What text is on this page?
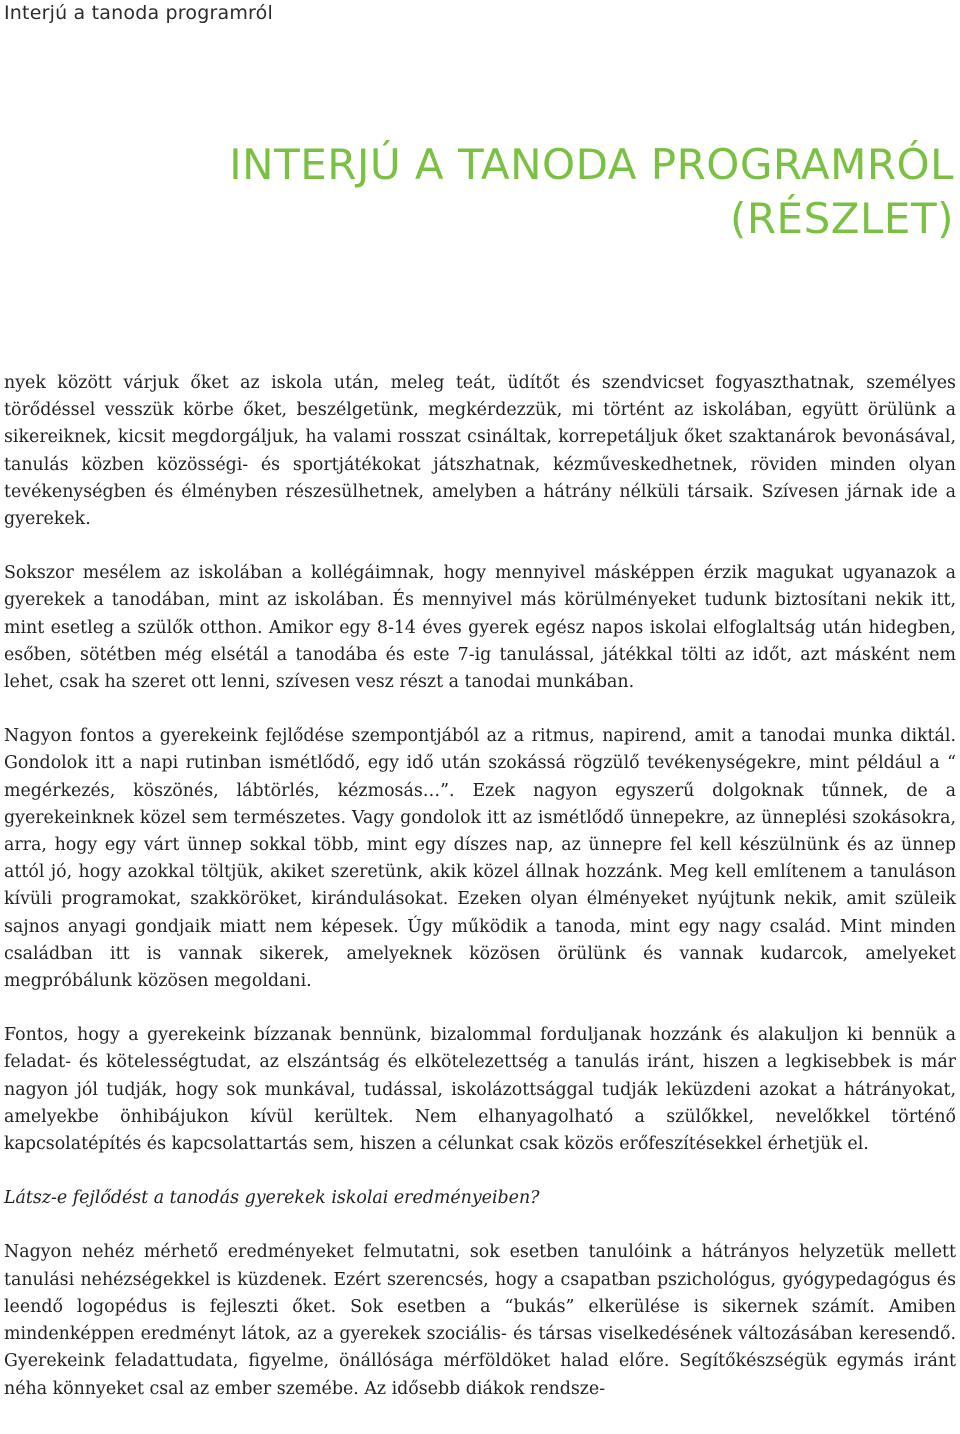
Interjú a tanoda programról
INTERJÚ A TANODA PROGRAMRÓL
(RÉSZLET)

nyek között várjuk őket az iskola után, meleg teát, üdítőt és szendvicset fogyaszthatnak, személyes törődéssel vesszük körbe őket, beszélgetünk, megkérdezzük, mi történt az iskolában, együtt örülünk a sikereiknek, kicsit megdorgáljuk, ha valami rosszat csináltak, korrepetáljuk őket szaktanárok bevonásával, tanulás közben közösségi- és sportjátékokat játszhatnak, kézműveskedhetnek, röviden minden olyan tevékenységben és élményben részesülhetnek, amelyben a hátrány nélküli társaik. Szívesen járnak ide a gyerekek.

Sokszor mesélem az iskolában a kollégáimnak, hogy mennyivel másképpen érzik magukat ugyanazok a gyerekek a tanodában, mint az iskolában. És mennyivel más körülményeket tudunk biztosítani nekik itt, mint esetleg a szülők otthon. Amikor egy 8-14 éves gyerek egész napos iskolai elfoglaltság után hidegben, esőben, sötétben még elsétál a tanodába és este 7-ig tanulással, játékkal tölti az időt, azt másként nem lehet, csak ha szeret ott lenni, szívesen vesz részt a tanodai munkában.

Nagyon fontos a gyerekeink fejlődése szempontjából az a ritmus, napirend, amit a tanodai munka diktál. Gondolok itt a napi rutinban ismétlődő, egy idő után szokássá rögzülő tevékenységekre, mint például a “ megérkezés, köszönés, lábtörlés, kézmosás…”. Ezek nagyon egyszerű dolgoknak tűnnek, de a gyerekeinknek közel sem természetes. Vagy gondolok itt az ismétlődő ünnepekre, az ünneplési szokásokra, arra, hogy egy várt ünnep sokkal több, mint egy díszes nap, az ünnepre fel kell készülnünk és az ünnep attól jó, hogy azokkal töltjük, akiket szeretünk, akik közel állnak hozzánk. Meg kell említenem a tanuláson kívüli programokat, szakköröket, kirándulásokat. Ezeken olyan élményeket nyújtunk nekik, amit szüleik sajnos anyagi gondjaik miatt nem képesek. Úgy működik a tanoda, mint egy nagy család. Mint minden családban itt is vannak sikerek, amelyeknek közösen örülünk és vannak kudarcok, amelyeket megpróbálunk közösen megoldani.

Fontos, hogy a gyerekeink bízzanak bennünk, bizalommal forduljanak hozzánk és alakuljon ki bennük a feladat- és kötelességtudat, az elszántság és elkötelezettség a tanulás iránt, hiszen a legkisebbek is már nagyon jól tudják, hogy sok munkával, tudással, iskolázottsággal tudják leküzdeni azokat a hátrányokat, amelyekbe önhibájukon kívül kerültek. Nem elhanyagolható a szülőkkel, nevelőkkel történő kapcsolatépítés és kapcsolattartás sem, hiszen a célunkat csak közös erőfeszítésekkel érhetjük el.

Látsz-e fejlődést a tanodás gyerekek iskolai eredményeiben?

Nagyon nehéz mérhető eredményeket felmutatni, sok esetben tanulóink a hátrányos helyzetük mellett tanulási nehézségekkel is küzdenek. Ezért szerencsés, hogy a csapatban pszichológus, gyógypedagógus és leendő logopédus is fejleszti őket. Sok esetben a “bukás” elkerülése is sikernek számít. Amiben mindenképpen eredményt látok, az a gyerekek szociális- és társas viselkedésének változásában keresendő. Gyerekeink feladattudata, figyelme, önállósága mérföldöket halad előre. Segítőkészségük egymás iránt néha könnyeket csal az ember szemébe. Az idősebb diákok rendsze-
